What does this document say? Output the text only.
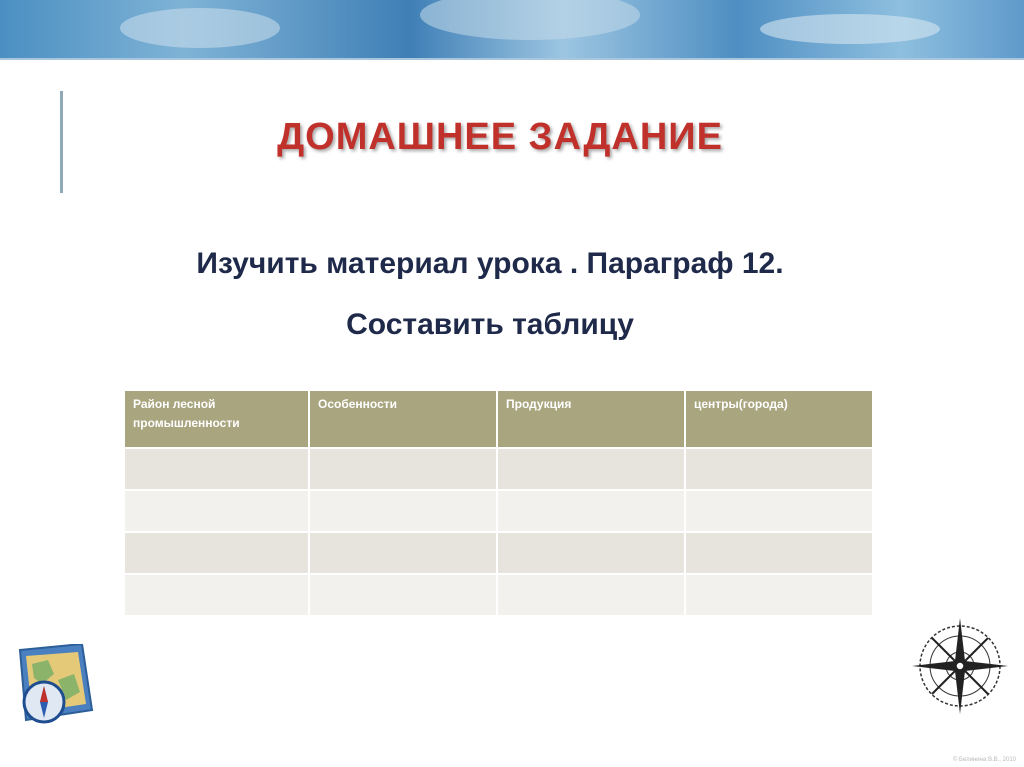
ДОМАШНЕЕ ЗАДАНИЕ
Изучить материал урока . Параграф 12.
Составить таблицу
Район лесной промышленности	Особенности	Продукция	центры(города)

© Белинина В.В., 2010
